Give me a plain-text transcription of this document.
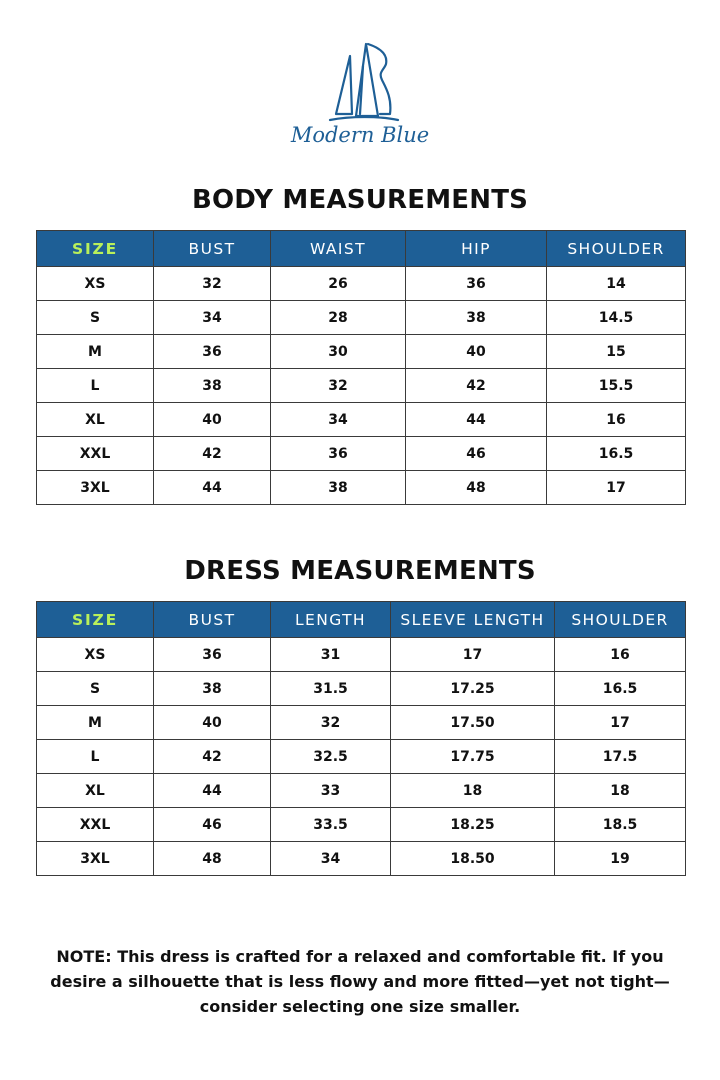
Modern Blue
BODY MEASUREMENTS
SIZE	BUST	WAIST	HIP	SHOULDER
XS	32	26	36	14
S	34	28	38	14.5
M	36	30	40	15
L	38	32	42	15.5
XL	40	34	44	16
XXL	42	36	46	16.5
3XL	44	38	48	17
DRESS MEASUREMENTS
SIZE	BUST	LENGTH	SLEEVE LENGTH	SHOULDER
XS	36	31	17	16
S	38	31.5	17.25	16.5
M	40	32	17.50	17
L	42	32.5	17.75	17.5
XL	44	33	18	18
XXL	46	33.5	18.25	18.5
3XL	48	34	18.50	19
NOTE: This dress is crafted for a relaxed and comfortable fit. If you desire a silhouette that is less flowy and more fitted—yet not tight— consider selecting one size smaller.
